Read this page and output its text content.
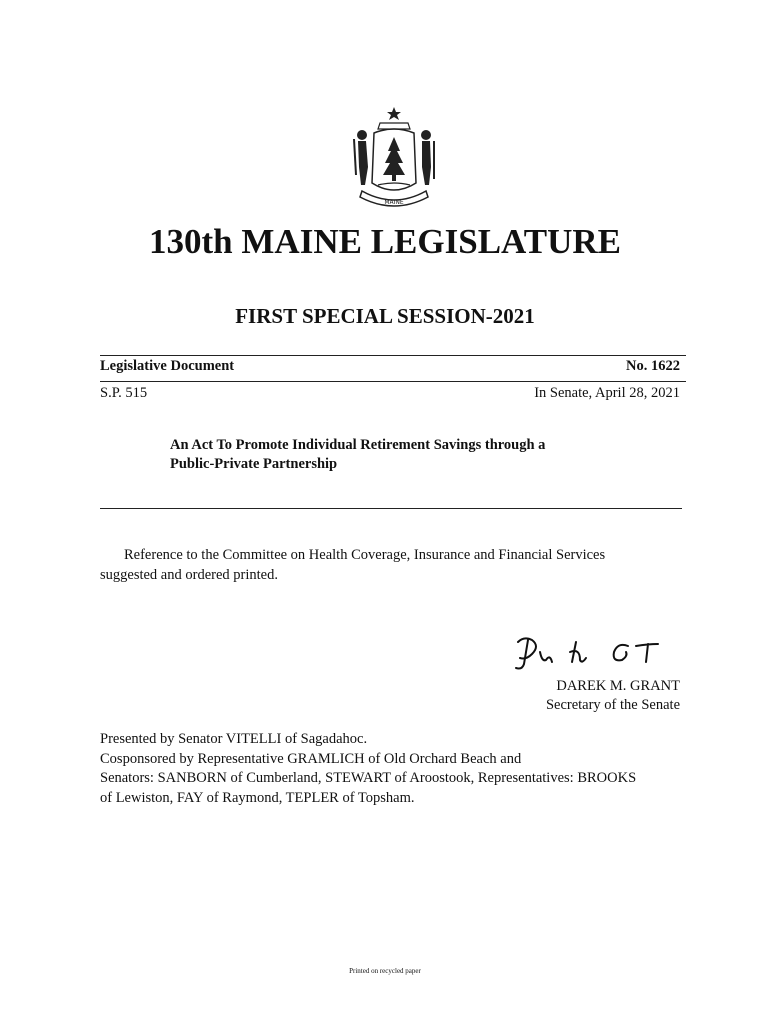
MAINE
130th MAINE LEGISLATURE
FIRST SPECIAL SESSION-2021
Legislative Document	No. 1622
S.P. 515	In Senate, April 28, 2021
An Act To Promote Individual Retirement Savings through a
Public-Private Partnership
Reference to the Committee on Health Coverage, Insurance and Financial Services
suggested and ordered printed.
DAREK M. GRANT
Secretary of the Senate
Presented by Senator VITELLI of Sagadahoc.
Cosponsored by Representative GRAMLICH of Old Orchard Beach and
Senators: SANBORN of Cumberland, STEWART of Aroostook, Representatives: BROOKS
of Lewiston, FAY of Raymond, TEPLER of Topsham.
Printed on recycled paper
